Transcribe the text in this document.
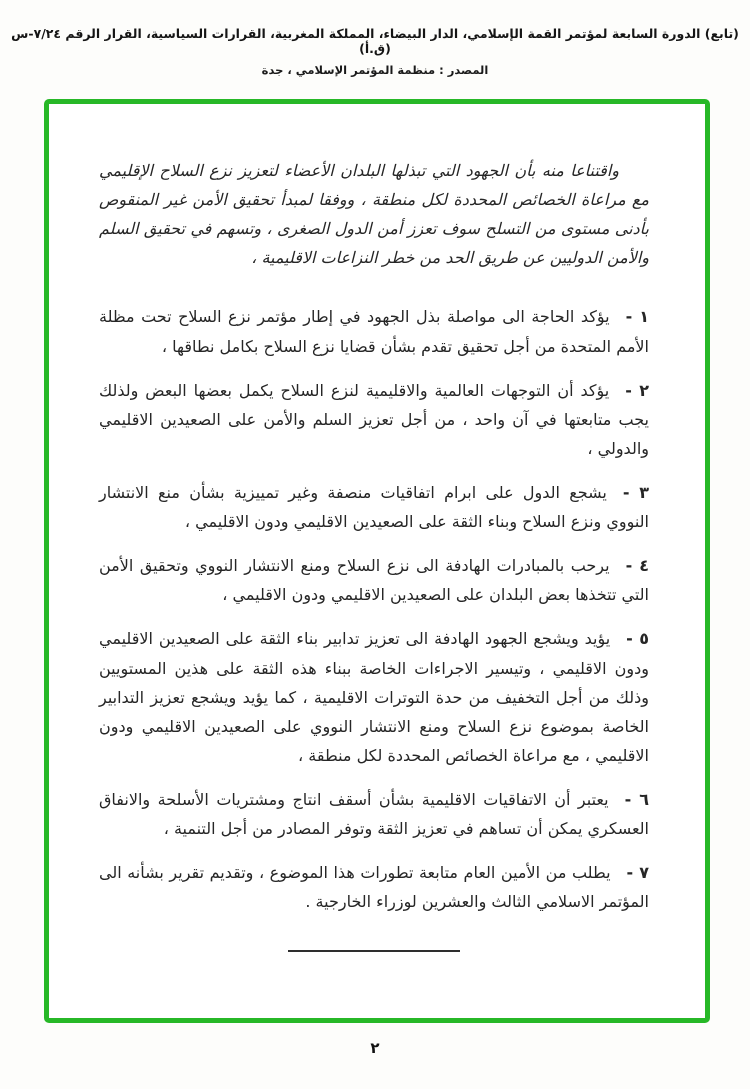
(تابع) الدورة السابعة لمؤتمر القمة الإسلامي، الدار البيضاء، المملكة المغربية، القرارات السياسية، القرار الرقم ٧/٢٤-س (ق.أ)
المصدر : منظمة المؤتمر الإسلامي ، جدة

واقتناعا منه بأن الجهود التي تبذلها البلدان الأعضاء لتعزيز نزع السلاح الإقليمي مع مراعاة الخصائص المحددة لكل منطقة ، ووفقا لمبدأ تحقيق الأمن غير المنقوص بأدنى مستوى من التسلح سوف تعزز أمن الدول الصغرى ، وتسهم في تحقيق السلم والأمن الدوليين عن طريق الحد من خطر النزاعات الاقليمية ،

١ -يؤكد الحاجة الى مواصلة بذل الجهود في إطار مؤتمر نزع السلاح تحت مظلة الأمم المتحدة من أجل تحقيق تقدم بشأن قضايا نزع السلاح بكامل نطاقها ،

٢ -يؤكد أن التوجهات العالمية والاقليمية لنزع السلاح يكمل بعضها البعض ولذلك يجب متابعتها في آن واحد ، من أجل تعزيز السلم والأمن على الصعيدين الاقليمي والدولي ،

٣ -يشجع الدول على ابرام اتفاقيات منصفة وغير تمييزية بشأن منع الانتشار النووي ونزع السلاح وبناء الثقة على الصعيدين الاقليمي ودون الاقليمي ،

٤ -يرحب بالمبادرات الهادفة الى نزع السلاح ومنع الانتشار النووي وتحقيق الأمن التي تتخذها بعض البلدان على الصعيدين الاقليمي ودون الاقليمي ،

٥ -يؤيد ويشجع الجهود الهادفة الى تعزيز تدابير بناء الثقة على الصعيدين الاقليمي ودون الاقليمي ، وتيسير الاجراءات الخاصة ببناء هذه الثقة على هذين المستويين وذلك من أجل التخفيف من حدة التوترات الاقليمية ، كما يؤيد ويشجع تعزيز التدابير الخاصة بموضوع نزع السلاح ومنع الانتشار النووي على الصعيدين الاقليمي ودون الاقليمي ، مع مراعاة الخصائص المحددة لكل منطقة ،

٦ -يعتبر أن الاتفاقيات الاقليمية بشأن أسقف انتاج ومشتريات الأسلحة والانفاق العسكري يمكن أن تساهم في تعزيز الثقة وتوفر المصادر من أجل التنمية ،

٧ -يطلب من الأمين العام متابعة تطورات هذا الموضوع ، وتقديم تقرير بشأنه الى المؤتمر الاسلامي الثالث والعشرين لوزراء الخارجية .

٢
